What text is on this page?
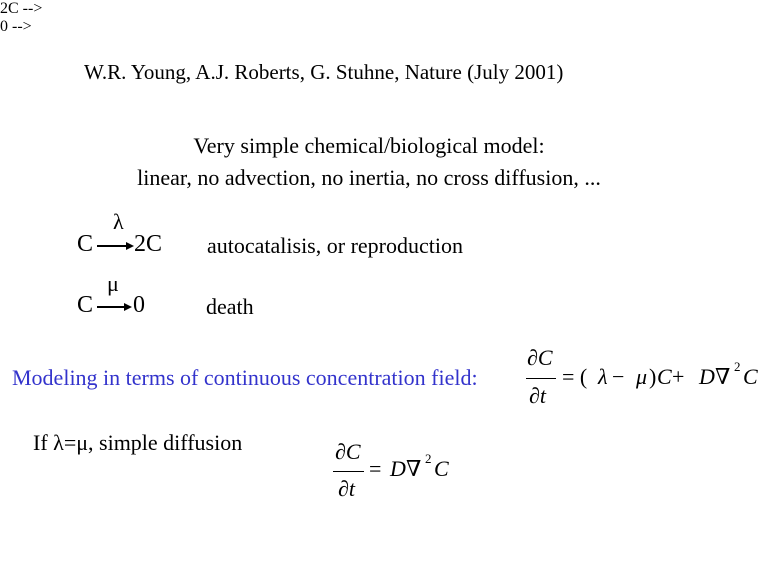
W.R. Young, A.J. Roberts, G. Stuhne, Nature (July 2001)
Very simple chemical/biological model:
linear, no advection, no inertia, no cross diffusion, ...
2C -->
C
λ
2C autocatalisis, or reproduction
0 -->
C
μ
0	death
Modeling in terms of continuous concentration field:
∂C
∂t
= ( λ − μ ) C + D ∇ 2 C
If λ=μ, simple diffusion	∂C
∂t
= D ∇ 2 C
